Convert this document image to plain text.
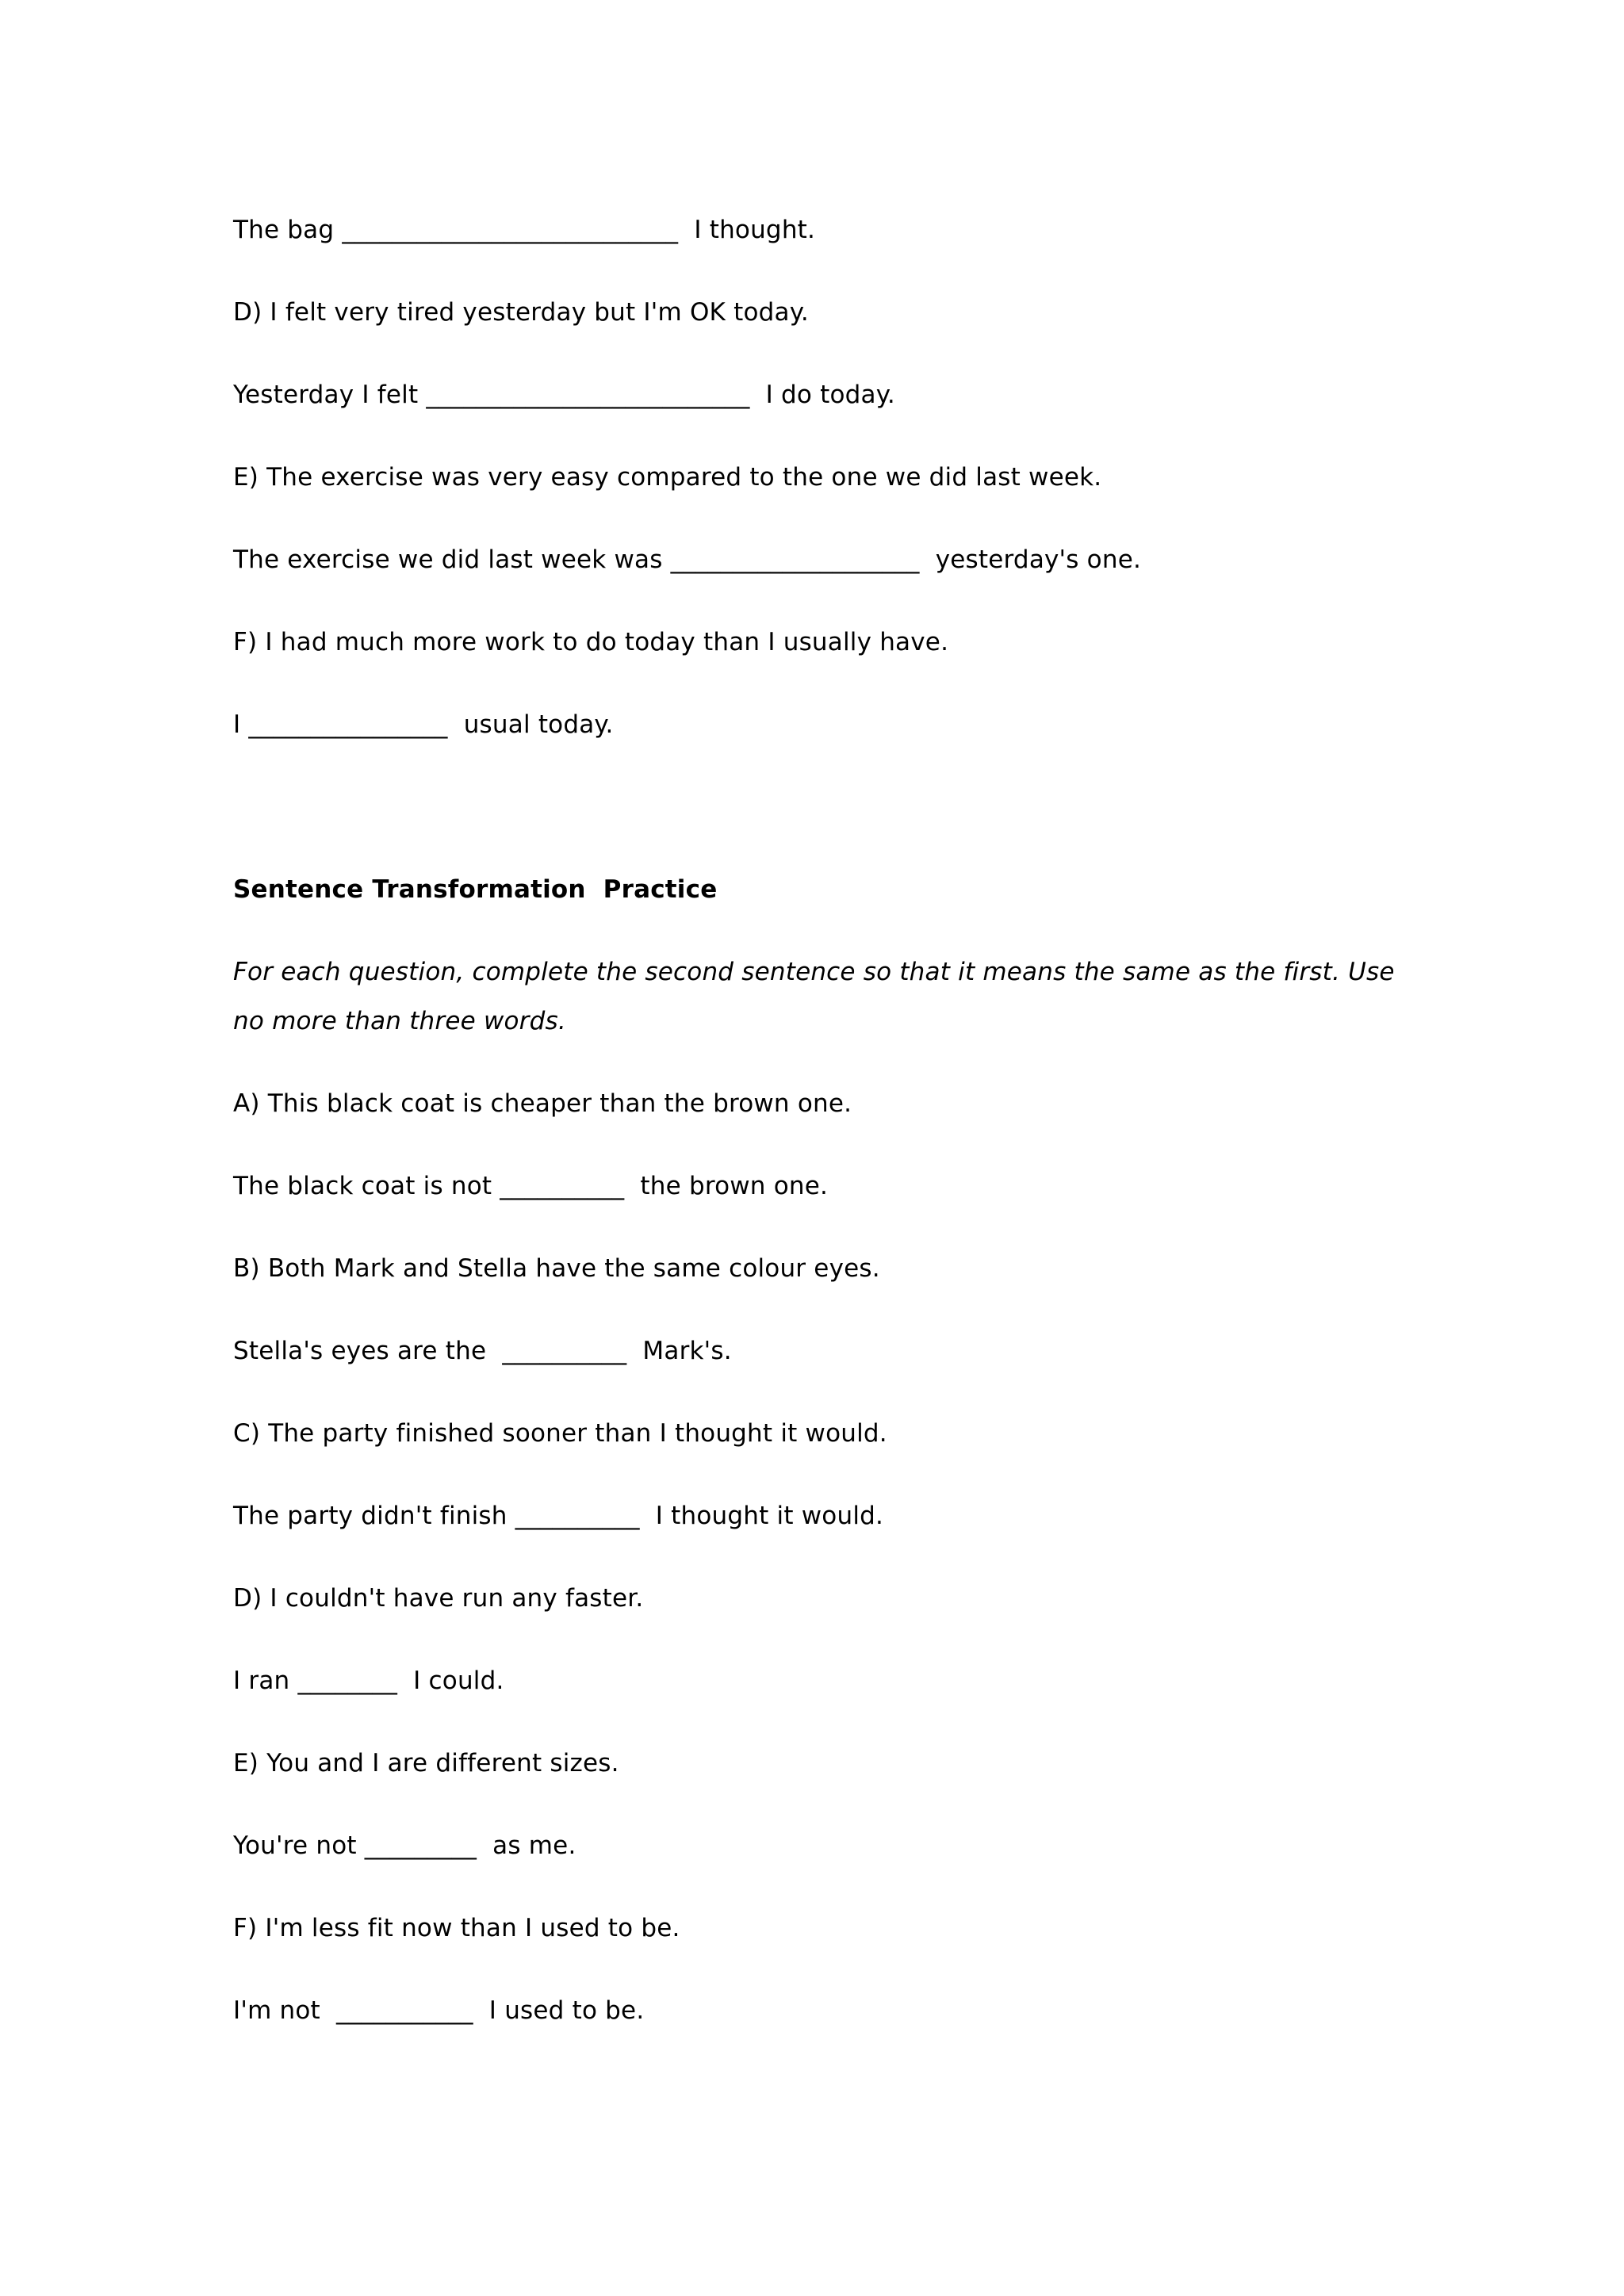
The bag ___________________________  I thought.
D) I felt very tired yesterday but I'm OK today.
Yesterday I felt __________________________  I do today.
E) The exercise was very easy compared to the one we did last week.
The exercise we did last week was ____________________  yesterday's one.
F) I had much more work to do today than I usually have.
I ________________  usual today.
Sentence Transformation  Practice
For each question, complete the second sentence so that it means the same as the first. Use
no more than three words.
A) This black coat is cheaper than the brown one.
The black coat is not __________  the brown one.
B) Both Mark and Stella have the same colour eyes.
Stella's eyes are the  __________  Mark's.
C) The party finished sooner than I thought it would.
The party didn't finish __________  I thought it would.
D) I couldn't have run any faster.
I ran ________  I could.
E) You and I are different sizes.
You're not _________  as me.
F) I'm less fit now than I used to be.
I'm not  ___________  I used to be.
